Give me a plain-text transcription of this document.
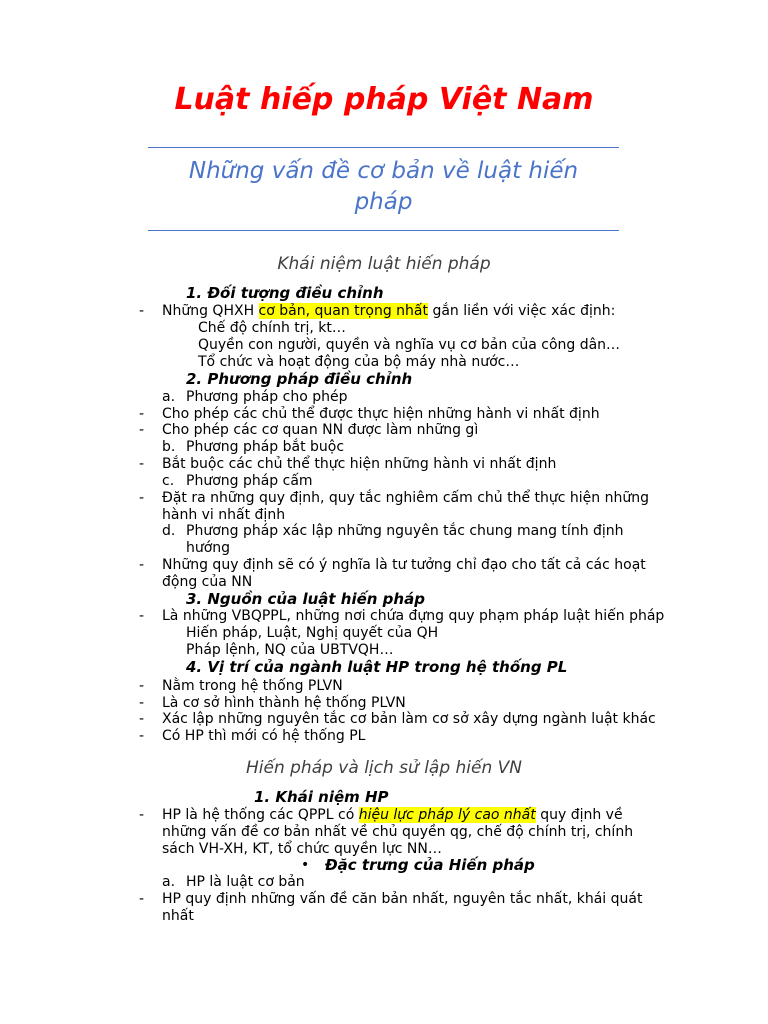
Luật hiếp pháp Việt Nam
Những vấn đề cơ bản về luật hiến
pháp
Khái niệm luật hiến pháp
1. Đối tượng điều chỉnh
- Những QHXH cơ bản, quan trọng nhất gắn liền với việc xác định:
Chế độ chính trị, kt…
Quyền con người, quyền và nghĩa vụ cơ bản của công dân…
Tổ chức và hoạt động của bộ máy nhà nước…
2. Phương pháp điều chỉnh
a. Phương pháp cho phép
- Cho phép các chủ thể được thực hiện những hành vi nhất định
- Cho phép các cơ quan NN được làm những gì
b. Phương pháp bắt buộc
- Bắt buộc các chủ thể thực hiện những hành vi nhất định
c. Phương pháp cấm
- Đặt ra những quy định, quy tắc nghiêm cấm chủ thể thực hiện những
hành vi nhất định
d. Phương pháp xác lập những nguyên tắc chung mang tính định
hướng
- Những quy định sẽ có ý nghĩa là tư tưởng chỉ đạo cho tất cả các hoạt
động của NN
3. Nguồn của luật hiến pháp
- Là những VBQPPL, những nơi chứa đựng quy phạm pháp luật hiến pháp
Hiến pháp, Luật, Nghị quyết của QH
Pháp lệnh, NQ của UBTVQH…
4. Vị trí của ngành luật HP trong hệ thống PL
- Nằm trong hệ thống PLVN
- Là cơ sở hình thành hệ thống PLVN
- Xác lập những nguyên tắc cơ bản làm cơ sở xây dựng ngành luật khác
- Có HP thì mới có hệ thống PL
Hiến pháp và lịch sử lập hiến VN
1. Khái niệm HP
- HP là hệ thống các QPPL có hiệu lực pháp lý cao nhất quy định về
những vấn đề cơ bản nhất về chủ quyền qg, chế độ chính trị, chính
sách VH-XH, KT, tổ chức quyền lực NN…
• Đặc trưng của Hiến pháp
a. HP là luật cơ bản
- HP quy định những vấn đề căn bản nhất, nguyên tắc nhất, khái quát
nhất
